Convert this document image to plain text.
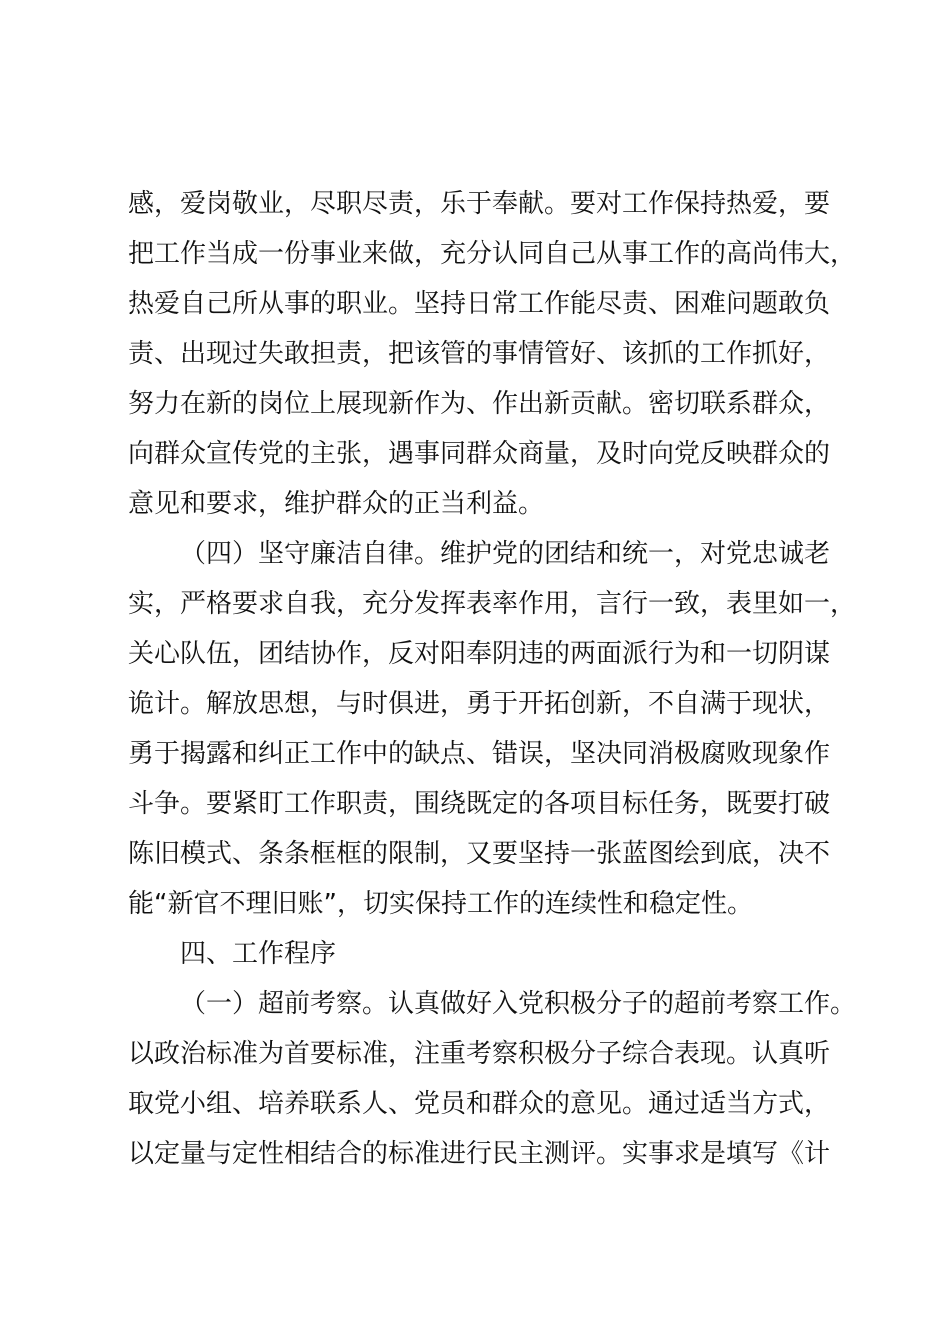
感，爱岗敬业，尽职尽责，乐于奉献。要对工作保持热爱，要
把工作当成一份事业来做，充分认同自己从事工作的高尚伟大，
热爱自己所从事的职业。坚持日常工作能尽责、困难问题敢负
责、出现过失敢担责，把该管的事情管好、该抓的工作抓好，
努力在新的岗位上展现新作为、作出新贡献。密切联系群众，
向群众宣传党的主张，遇事同群众商量，及时向党反映群众的
意见和要求，维护群众的正当利益。
（四）坚守廉洁自律。维护党的团结和统一，对党忠诚老
实，严格要求自我，充分发挥表率作用，言行一致，表里如一，
关心队伍，团结协作，反对阳奉阴违的两面派行为和一切阴谋
诡计。解放思想，与时俱进，勇于开拓创新，不自满于现状，
勇于揭露和纠正工作中的缺点、错误，坚决同消极腐败现象作
斗争。要紧盯工作职责，围绕既定的各项目标任务，既要打破
陈旧模式、条条框框的限制，又要坚持一张蓝图绘到底，决不
能“新官不理旧账”，切实保持工作的连续性和稳定性。
四、工作程序
（一）超前考察。认真做好入党积极分子的超前考察工作。
以政治标准为首要标准，注重考察积极分子综合表现。认真听
取党小组、培养联系人、党员和群众的意见。通过适当方式，
以定量与定性相结合的标准进行民主测评。实事求是填写《计
